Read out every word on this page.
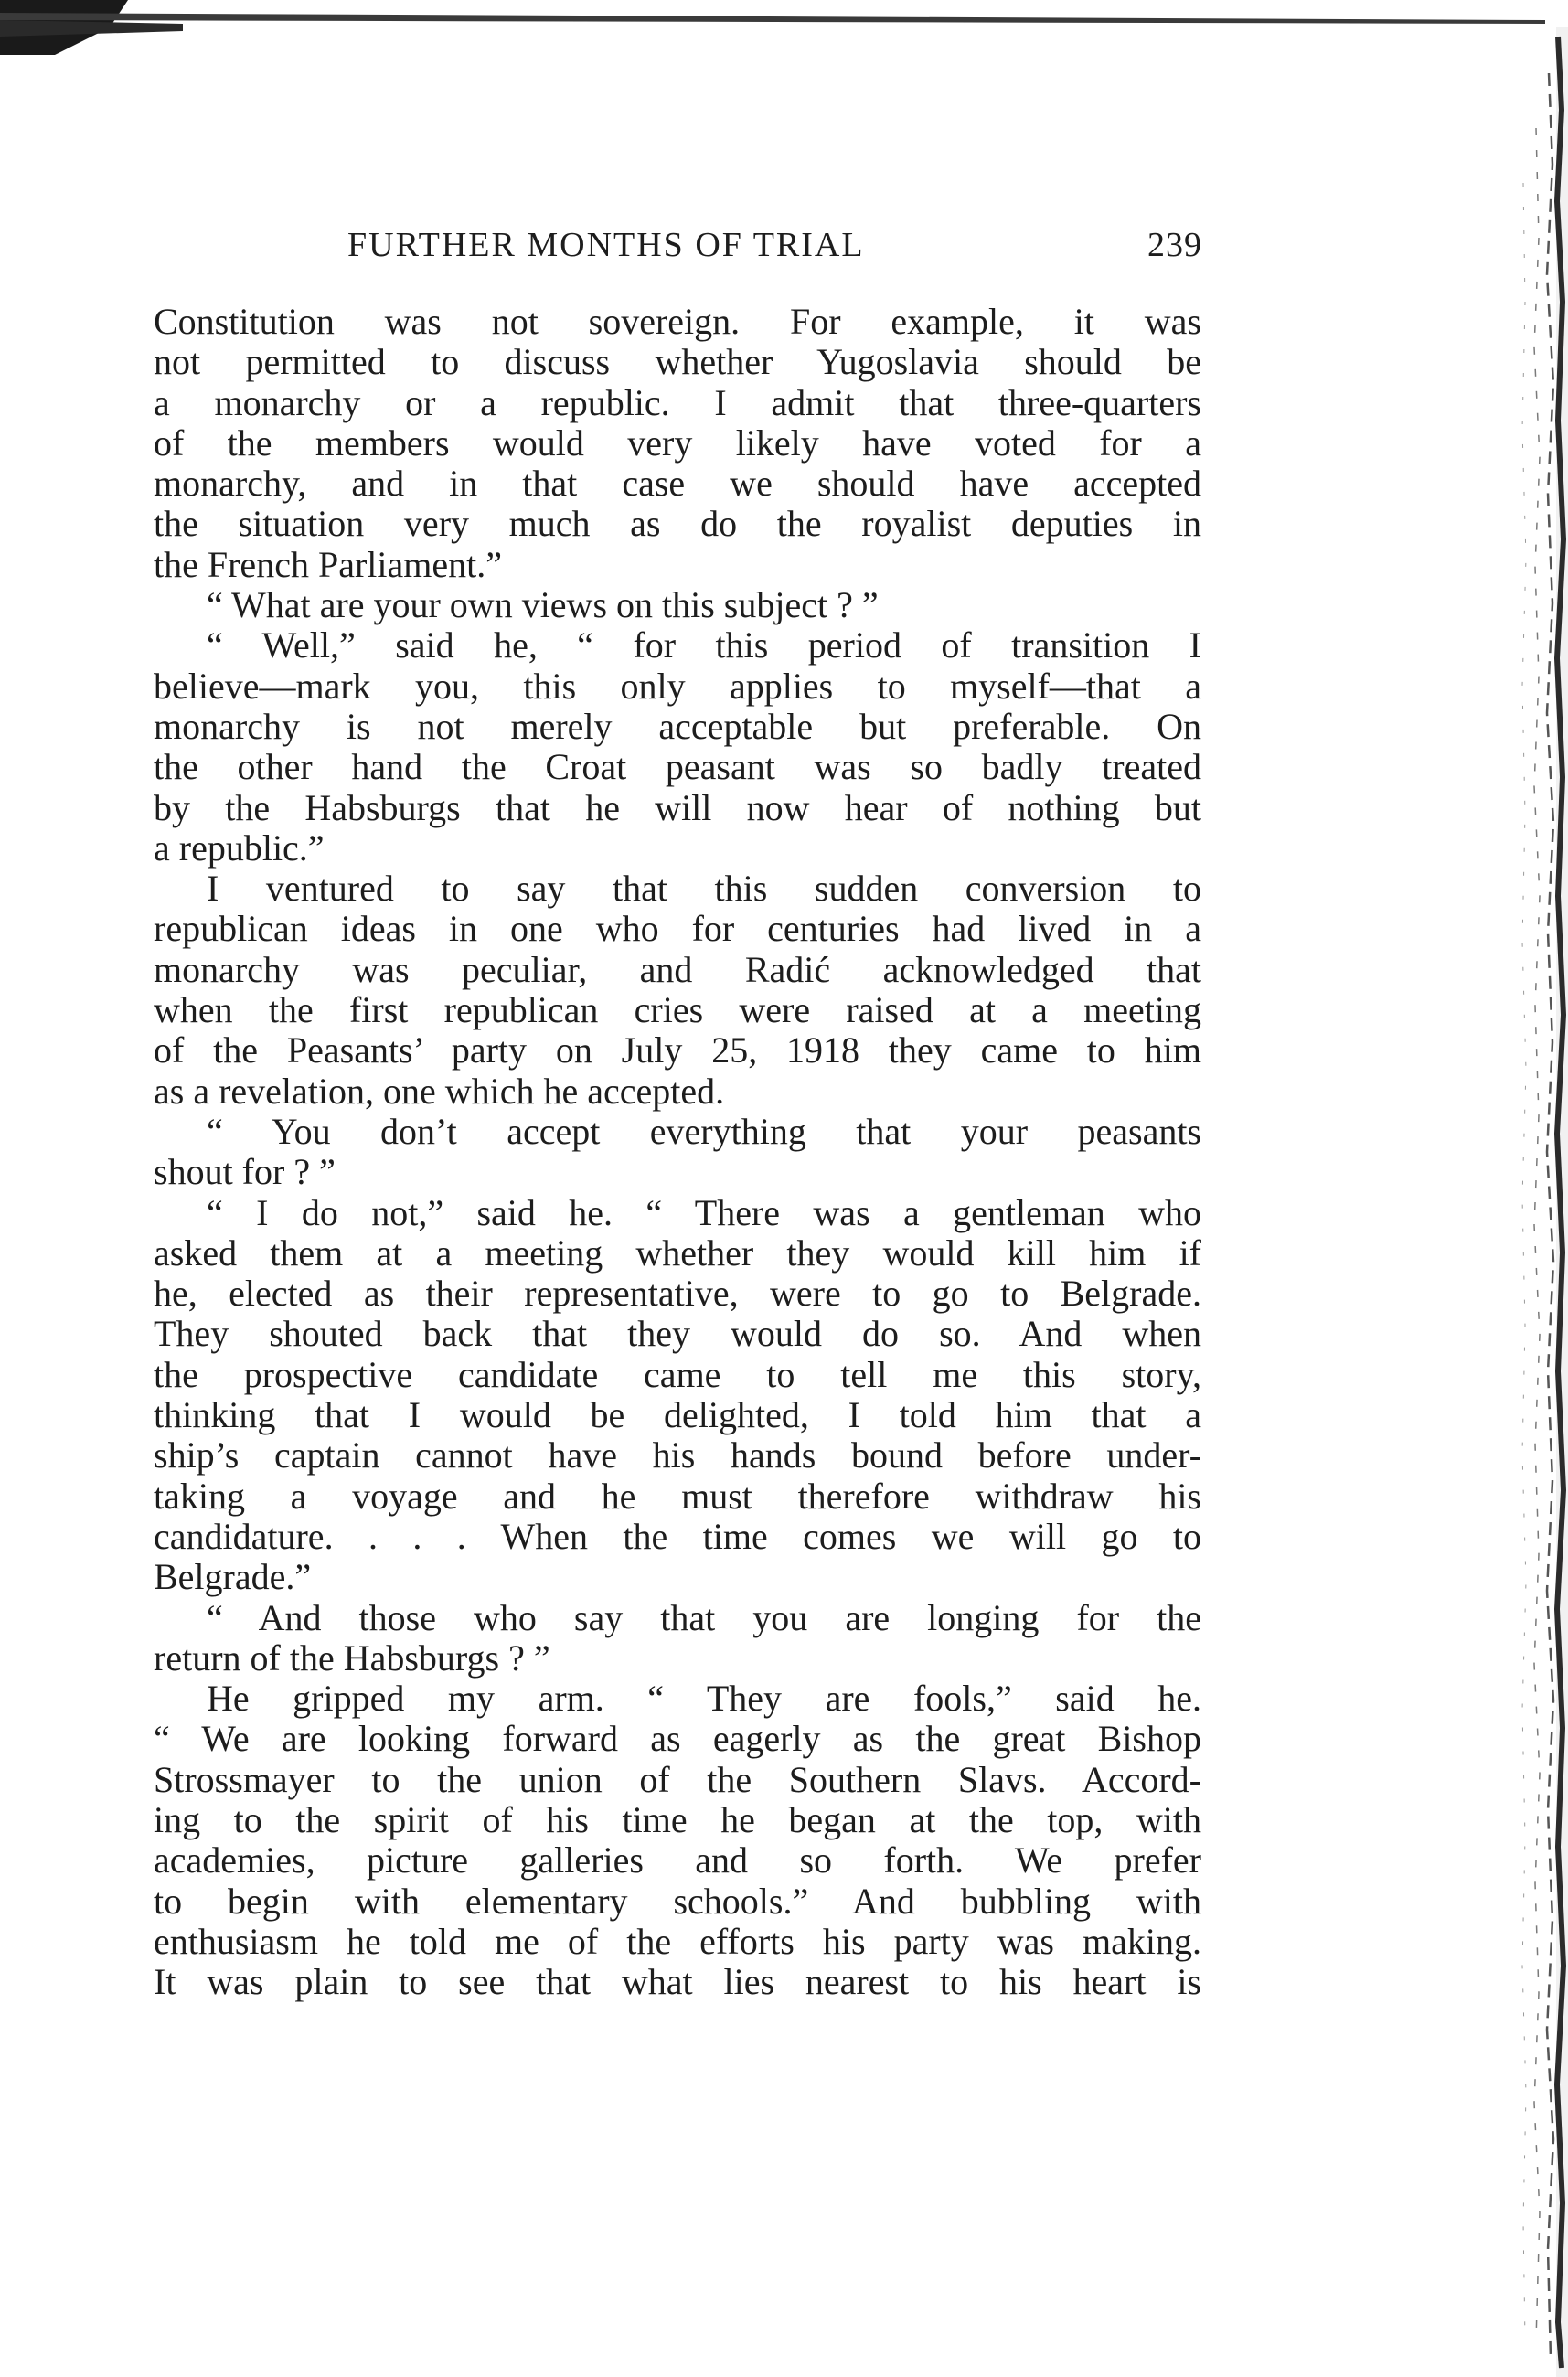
FURTHER MONTHS OF TRIAL	239
Constitution was not sovereign. For example, it was
not permitted to discuss whether Yugoslavia should be
a monarchy or a republic. I admit that three-quarters
of the members would very likely have voted for a
monarchy, and in that case we should have accepted
the situation very much as do the royalist deputies in
the French Parliament.”
“ What are your own views on this subject ? ”
“ Well,” said he, “ for this period of transition I
believe—mark you, this only applies to myself—that a
monarchy is not merely acceptable but preferable. On
the other hand the Croat peasant was so badly treated
by the Habsburgs that he will now hear of nothing but
a republic.”
I ventured to say that this sudden conversion to
republican ideas in one who for centuries had lived in a
monarchy was peculiar, and Radić acknowledged that
when the first republican cries were raised at a meeting
of the Peasants’ party on July 25, 1918 they came to him
as a revelation, one which he accepted.
“ You don’t accept everything that your peasants
shout for ? ”
“ I do not,” said he. “ There was a gentleman who
asked them at a meeting whether they would kill him if
he, elected as their representative, were to go to Belgrade.
They shouted back that they would do so. And when
the prospective candidate came to tell me this story,
thinking that I would be delighted, I told him that a
ship’s captain cannot have his hands bound before under-
taking a voyage and he must therefore withdraw his
candidature. . . . When the time comes we will go to
Belgrade.”
“ And those who say that you are longing for the
return of the Habsburgs ? ”
He gripped my arm. “ They are fools,” said he.
“ We are looking forward as eagerly as the great Bishop
Strossmayer to the union of the Southern Slavs. Accord-
ing to the spirit of his time he began at the top, with
academies, picture galleries and so forth. We prefer
to begin with elementary schools.” And bubbling with
enthusiasm he told me of the efforts his party was making.
It was plain to see that what lies nearest to his heart is
